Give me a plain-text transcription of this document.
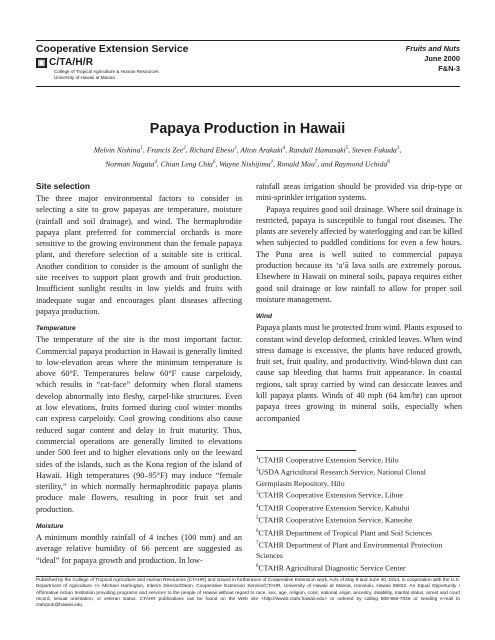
Cooperative Extension Service
▣ C/TA/H/R
College of Tropical Agriculture & Human Resources
University of Hawaii at Manoa
Fruits and Nuts
June 2000
F&N-3
Papaya Production in Hawaii
Melvin Nishina$^1$, Francis Zee$^2$, Richard Ebesu$^3$, Alton Arakaki$^4$, Randall Hamasaki$^5$, Steven Fukuda$^3$,
Norman Nagata$^4$, Chian Leng Chia$^6$, Wayne Nishijima$^1$, Ronald Mau$^7$, and Raymond Uchida$^8$
Site selection

The three major environmental factors to consider in selecting a site to grow papayas are temperature, moisture (rainfall and soil drainage), and wind. The hermaphrodite papaya plant preferred for commercial orchards is more sensitive to the growing environment than the female papaya plant, and therefore selection of a suitable site is critical. Another condition to consider is the amount of sunlight the site receives to support plant growth and fruit production. Insufficient sunlight results in low yields and fruits with inadequate sugar and encourages plant diseases affecting papaya production.

Temperature

The temperature of the site is the most important factor. Commercial papaya production in Hawaii is generally limited to low-elevation areas where the minimum temperature is above 60°F. Temperatures below 60°F cause carpeloidy, which results in “cat-face” deformity when floral stamens develop abnormally into fleshy, carpel-like structures. Even at low elevations, fruits formed during cool winter months can express carpeloidy. Cool growing conditions also cause reduced sugar content and delay in fruit maturity. Thus, commercial operations are generally limited to elevations under 500 feet and to higher elevations only on the leeward sides of the islands, such as the Kona region of the island of Hawaii. High temperatures (90–95°F) may induce “female sterility,” in which normally hermaphroditic papaya plants produce male flowers, resulting in poor fruit set and production.

Moisture

A minimum monthly rainfall of 4 inches (100 mm) and an average relative humidity of 66 percent are suggested as “ideal” for papaya growth and production. In low-

rainfall areas irrigation should be provided via drip-type or mini-sprinkler irrigation systems.

Papaya requires good soil drainage. Where soil drainage is restricted, papaya is susceptible to fungal root diseases. The plants are severely affected by waterlogging and can be killed when subjected to puddled conditions for even a few hours. The Puna area is well suited to commercial papaya production because its ‘a‘ā lava soils are extremely porous. Elsewhere in Hawaii on mineral soils, papaya requires either good soil drainage or low rainfall to allow for proper soil moisture management.

Wind

Papaya plants must be protected from wind. Plants exposed to constant wind develop deformed, crinkled leaves. When wind stress damage is excessive, the plants have reduced growth, fruit set, fruit quality, and productivity. Wind-blown dust can cause sap bleeding that harms fruit appearance. In coastal regions, salt spray carried by wind can desiccate leaves and kill papaya plants. Winds of 40 mph (64 km/hr) can uproot papaya trees growing in mineral soils, especially when accompanied

$^1$CTAHR Cooperative Extension Service, Hilo

$^2$USDA Agricultural Research Service, National Clonal Germplasm Repository, Hilo

$^3$CTAHR Cooperative Extension Service, Lihue

$^4$CTAHR Cooperative Extension Service, Kahului

$^5$CTAHR Cooperative Extension Service, Kaneohe

$^6$CTAHR Department of Tropical Plant and Soil Sciences

$^7$CTAHR Department of Plant and Environmental Protection Sciences

$^8$CTAHR Agricultural Diagnostic Service Center

Published by the College of Tropical Agriculture and Human Resources (CTAHR) and issued in furtherance of Cooperative Extension work, Acts of May 8 and June 30, 1914, in cooperation with the U.S. Department of Agriculture. H. Michael Harrington, Interim Director/Dean, Cooperative Extension Service/CTAHR, University of Hawaii at Manoa, Honolulu, Hawaii 96822. An Equal Opportunity / Affirmative Action Institution providing programs and services to the people of Hawaii without regard to race, sex, age, religion, color, national origin, ancestry, disability, marital status, arrest and court record, sexual orientation, or veteran status. CTAHR publications can be found on the Web site <http://www2.ctahr.hawaii.edu> or ordered by calling 808-956-7046 or sending e-mail to ctahrpub@hawaii.edu.
